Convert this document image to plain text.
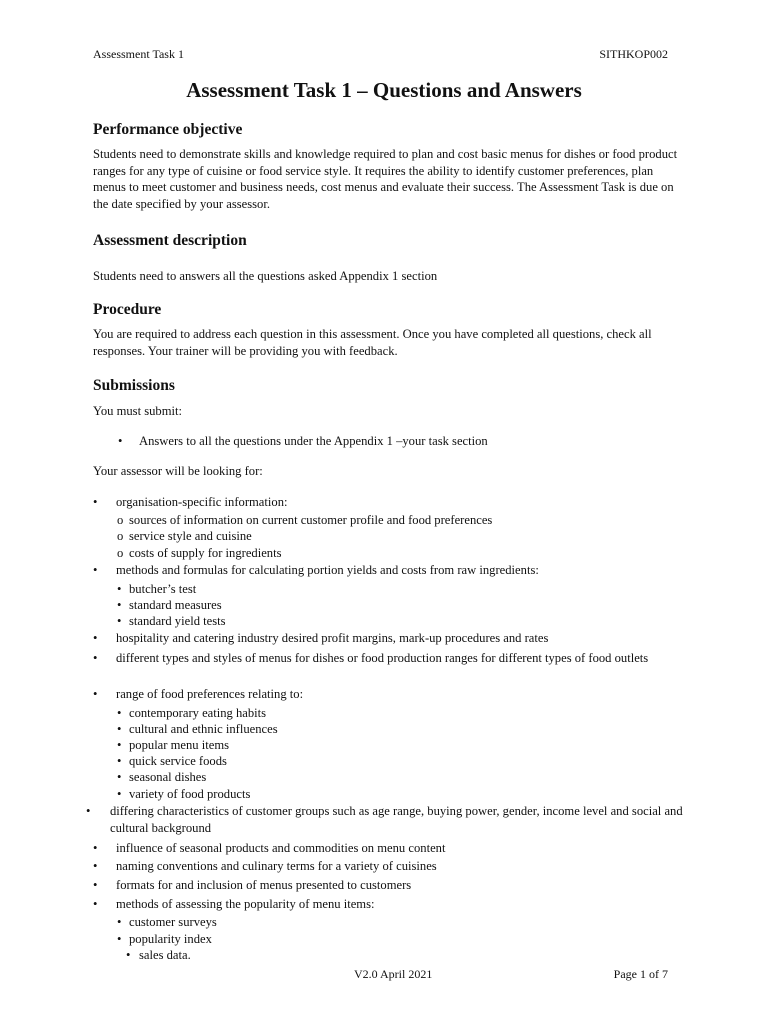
Assessment Task 1	SITHKOP002
Assessment Task 1 – Questions and Answers
Performance objective
Students need to demonstrate skills and knowledge required to plan and cost basic menus for dishes or food product ranges for any type of cuisine or food service style. It requires the ability to identify customer preferences, plan menus to meet customer and business needs, cost menus and evaluate their success. The Assessment Task is due on the date specified by your assessor.
Assessment description
Students need to answers all the questions asked Appendix 1 section
Procedure
You are required to address each question in this assessment. Once you have completed all questions, check all responses. Your trainer will be providing you with feedback.
Submissions
You must submit:
• Answers to all the questions under the Appendix 1 –your task section
Your assessor will be looking for:
• organisation-specific information:
o sources of information on current customer profile and food preferences
o service style and cuisine
o costs of supply for ingredients
• methods and formulas for calculating portion yields and costs from raw ingredients:
• butcher’s test
• standard measures
• standard yield tests
• hospitality and catering industry desired profit margins, mark-up procedures and rates
• different types and styles of menus for dishes or food production ranges for different types of food outlets
• range of food preferences relating to:
• contemporary eating habits
• cultural and ethnic influences
• popular menu items
• quick service foods
• seasonal dishes
• variety of food products
• differing characteristics of customer groups such as age range, buying power, gender, income level and social and cultural background
• influence of seasonal products and commodities on menu content
• naming conventions and culinary terms for a variety of cuisines
• formats for and inclusion of menus presented to customers
• methods of assessing the popularity of menu items:
• customer surveys
• popularity index
• sales data.
V2.0 April 2021	Page 1 of 7
